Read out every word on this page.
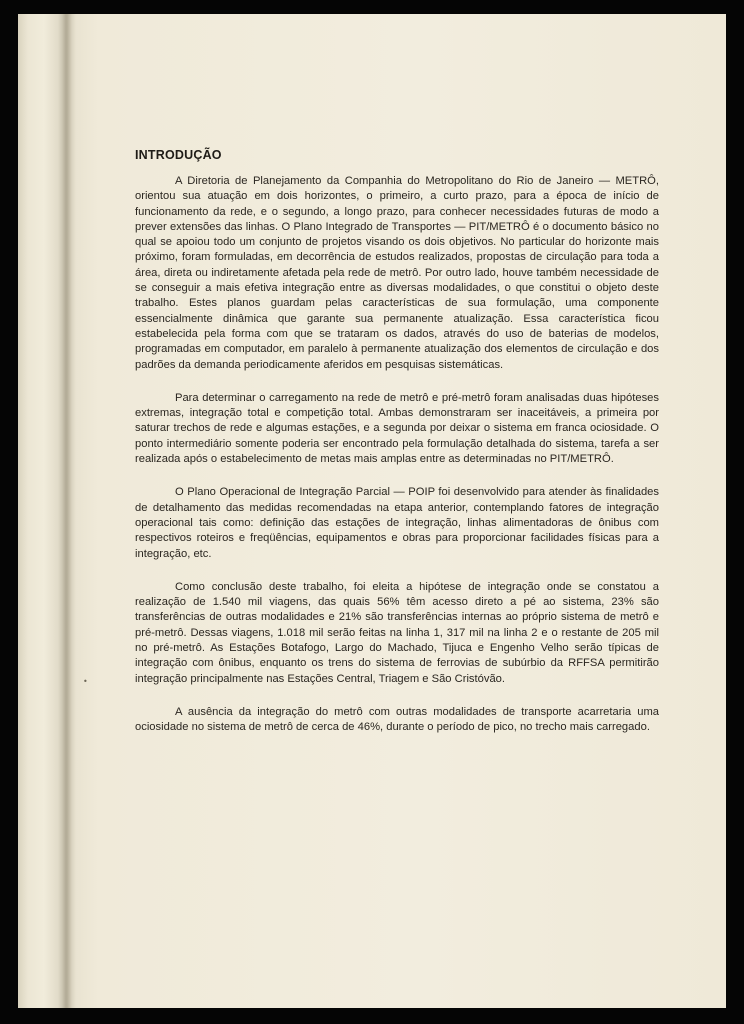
•
INTRODUÇÃO

A Diretoria de Planejamento da Companhia do Metropolitano do Rio de Janeiro — METRÔ, orientou sua atuação em dois horizontes, o primeiro, a curto prazo, para a época de início de funcionamento da rede, e o segundo, a longo prazo, para conhecer necessidades futuras de modo a prever extensões das linhas. O Plano Integrado de Transportes — PIT/METRÔ é o documento básico no qual se apoiou todo um conjunto de projetos visando os dois objetivos. No particular do horizonte mais próximo, foram formuladas, em decorrência de estudos realizados, propostas de circulação para toda a área, direta ou indiretamente afetada pela rede de metrô. Por outro lado, houve também necessidade de se conseguir a mais efetiva integração entre as diversas modalidades, o que constitui o objeto deste trabalho. Estes planos guardam pelas características de sua formulação, uma componente essencialmente dinâmica que garante sua permanente atualização. Essa característica ficou estabelecida pela forma com que se trataram os dados, através do uso de baterias de modelos, programadas em computador, em paralelo à permanente atualização dos elementos de circulação e dos padrões da demanda periodicamente aferidos em pesquisas sistemáticas.

Para determinar o carregamento na rede de metrô e pré-metrô foram analisadas duas hipóteses extremas, integração total e competição total. Ambas demonstraram ser inaceitáveis, a primeira por saturar trechos de rede e algumas estações, e a segunda por deixar o sistema em franca ociosidade. O ponto intermediário somente poderia ser encontrado pela formulação detalhada do sistema, tarefa a ser realizada após o estabelecimento de metas mais amplas entre as determinadas no PIT/METRÔ.

O Plano Operacional de Integração Parcial — POIP foi desenvolvido para atender às finalidades de detalhamento das medidas recomendadas na etapa anterior, contemplando fatores de integração operacional tais como: definição das estações de integração, linhas alimentadoras de ônibus com respectivos roteiros e freqüências, equipamentos e obras para proporcionar facilidades físicas para a integração, etc.

Como conclusão deste trabalho, foi eleita a hipótese de integração onde se constatou a realização de 1.540 mil viagens, das quais 56% têm acesso direto a pé ao sistema, 23% são transferências de outras modalidades e 21% são transferências internas ao próprio sistema de metrô e pré-metrô. Dessas viagens, 1.018 mil serão feitas na linha 1, 317 mil na linha 2 e o restante de 205 mil no pré-metrô. As Estações Botafogo, Largo do Machado, Tijuca e Engenho Velho serão típicas de integração com ônibus, enquanto os trens do sistema de ferrovias de subúrbio da RFFSA permitirão integração principalmente nas Estações Central, Triagem e São Cristóvão.

A ausência da integração do metrô com outras modalidades de transporte acarretaria uma ociosidade no sistema de metrô de cerca de 46%, durante o período de pico, no trecho mais carregado.
